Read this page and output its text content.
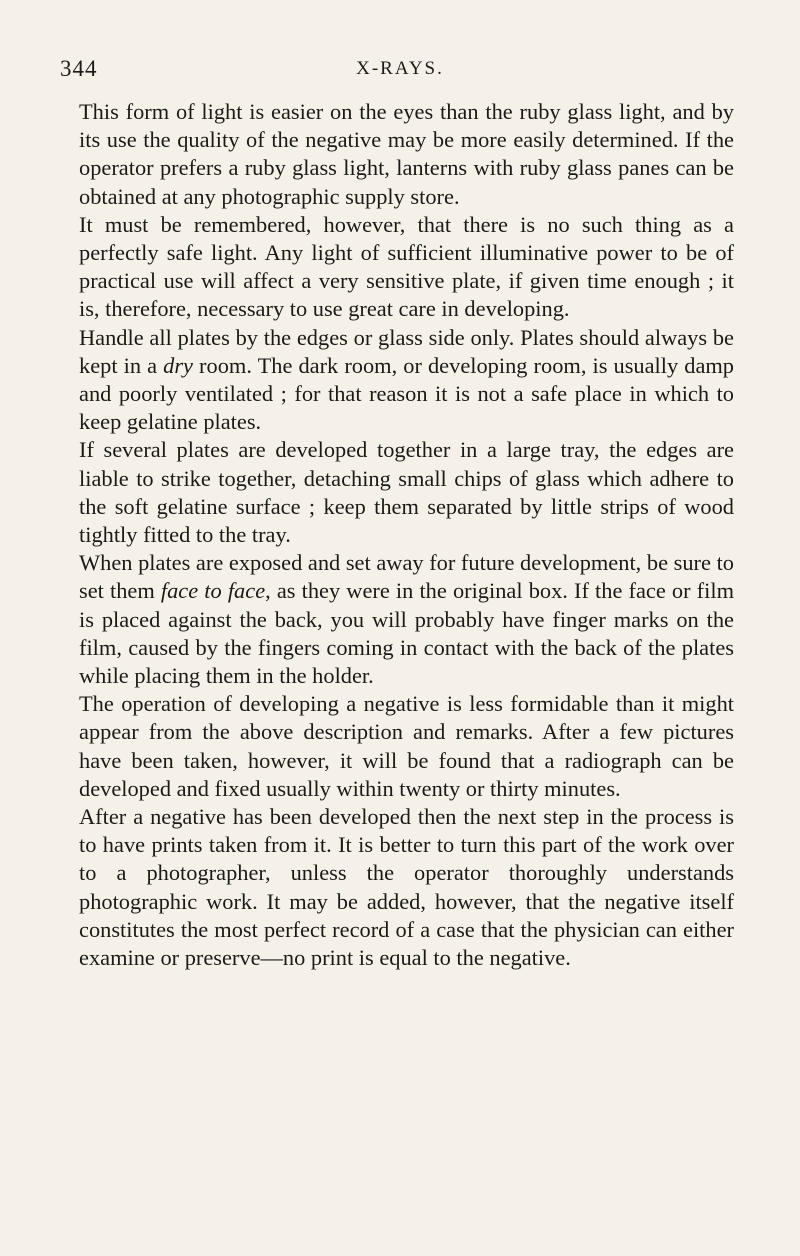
344	X-RAYS.

This form of light is easier on the eyes than the ruby glass light, and by its use the quality of the negative may be more easily determined. If the operator prefers a ruby glass light, lanterns with ruby glass panes can be obtained at any photographic supply store.

It must be remembered, however, that there is no such thing as a perfectly safe light. Any light of sufficient illuminative power to be of practical use will affect a very sensitive plate, if given time enough ; it is, therefore, necessary to use great care in developing.

Handle all plates by the edges or glass side only. Plates should always be kept in a dry room. The dark room, or developing room, is usually damp and poorly ventilated ; for that reason it is not a safe place in which to keep gelatine plates.

If several plates are developed together in a large tray, the edges are liable to strike together, detaching small chips of glass which adhere to the soft gelatine surface ; keep them separated by little strips of wood tightly fitted to the tray.

When plates are exposed and set away for future development, be sure to set them face to face, as they were in the original box. If the face or film is placed against the back, you will probably have finger marks on the film, caused by the fingers coming in contact with the back of the plates while placing them in the holder.

The operation of developing a negative is less formidable than it might appear from the above description and remarks. After a few pictures have been taken, however, it will be found that a radiograph can be developed and fixed usually within twenty or thirty minutes.

After a negative has been developed then the next step in the process is to have prints taken from it. It is better to turn this part of the work over to a photographer, unless the operator thoroughly understands photographic work. It may be added, however, that the negative itself constitutes the most perfect record of a case that the physician can either examine or preserve—no print is equal to the negative.
